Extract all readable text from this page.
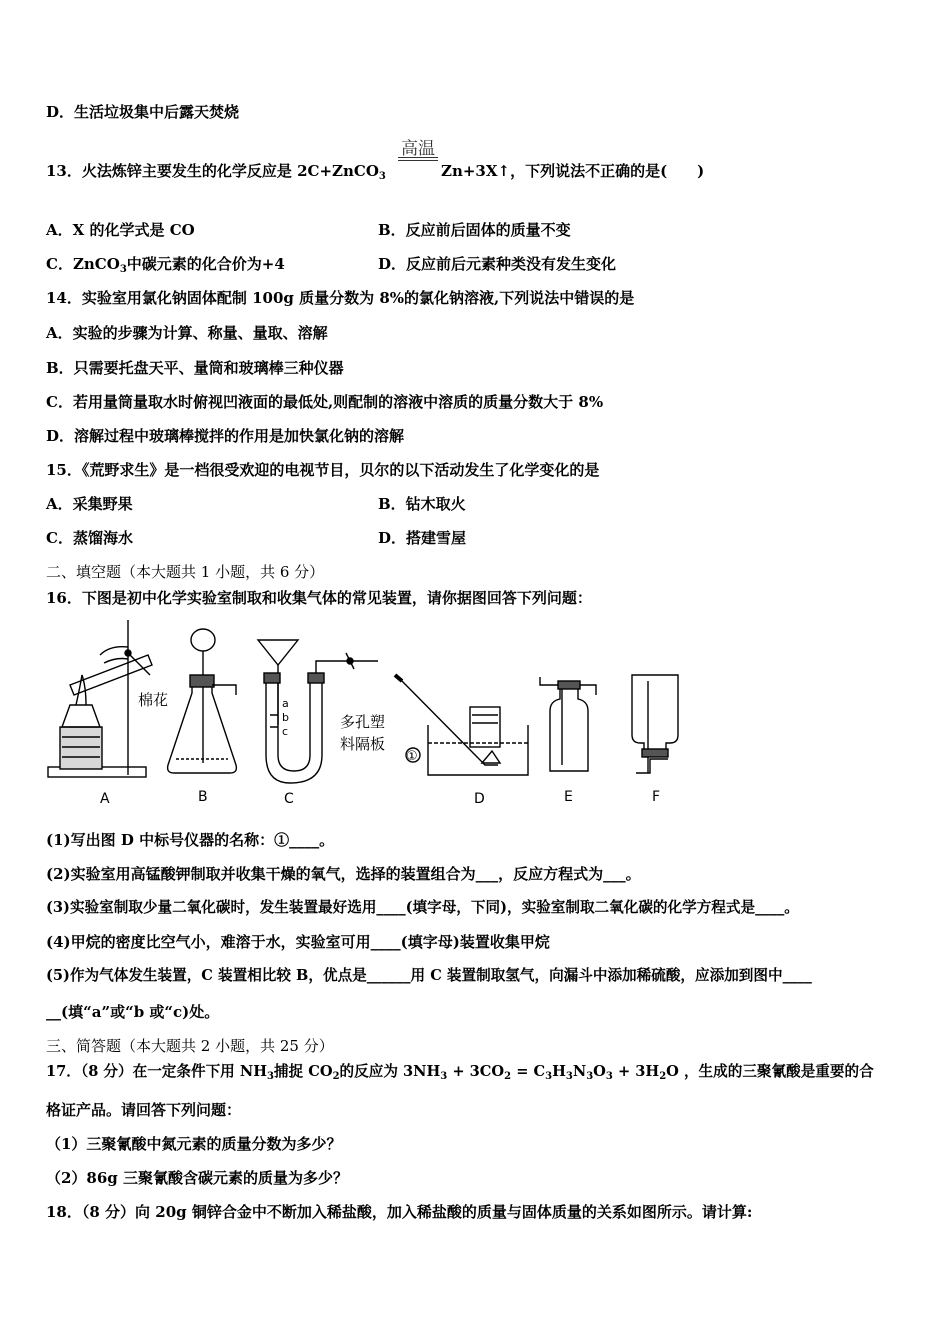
D．生活垃圾集中后露天焚烧
高温
13．火法炼锌主要发生的化学反应是 2C+ZnCO$_3$	Zn+3X↑，下列说法不正确的是(　　)
A．X 的化学式是 CO	B．反应前后固体的质量不变
C．ZnCO$_3$中碳元素的化合价为+4	D．反应前后元素种类没有发生变化
14．实验室用氯化钠固体配制 100g 质量分数为 8%的氯化钠溶液,下列说法中错误的是
A．实验的步骤为计算、称量、量取、溶解
B．只需要托盘天平、量筒和玻璃棒三种仪器
C．若用量筒量取水时俯视凹液面的最低处,则配制的溶液中溶质的质量分数大于 8%
D．溶解过程中玻璃棒搅拌的作用是加快氯化钠的溶解
15．《荒野求生》是一档很受欢迎的电视节目，贝尔的以下活动发生了化学变化的是
A．采集野果	B．钻木取火
C．蒸馏海水	D．搭建雪屋
二、填空题（本大题共 1 小题，共 6 分）
16．下图是初中化学实验室制取和收集气体的常见装置，请你据图回答下列问题：
棉花
多孔塑
料隔板
a
b
c
①
A	B	C	D	E	F
(1)写出图 D 中标号仪器的名称：①____。
(2)实验室用高锰酸钾制取并收集干燥的氧气，选择的装置组合为___，反应方程式为___。
(3)实验室制取少量二氧化碳时，发生装置最好选用____(填字母，下同)，实验室制取二氧化碳的化学方程式是____。
(4)甲烷的密度比空气小，难溶于水，实验室可用____(填字母)装置收集甲烷
(5)作为气体发生装置，C 装置相比较 B，优点是______用 C 装置制取氢气，向漏斗中添加稀硫酸，应添加到图中____
__(填“a”或“b 或“c)处。
三、简答题（本大题共 2 小题，共 25 分）
17．（8 分）在一定条件下用 $NH_3$捕捉 $CO_2$的反应为 $3NH_3 + 3CO_2 = C_3H_3N_3O_3 + 3H_2O$ ，生成的三聚氰酸是重要的合
格证产品。请回答下列问题：
（1）三聚氰酸中氮元素的质量分数为多少？
（2）86g 三聚氰酸含碳元素的质量为多少？
18．（8 分）向 20g 铜锌合金中不断加入稀盐酸，加入稀盐酸的质量与固体质量的关系如图所示。请计算:
